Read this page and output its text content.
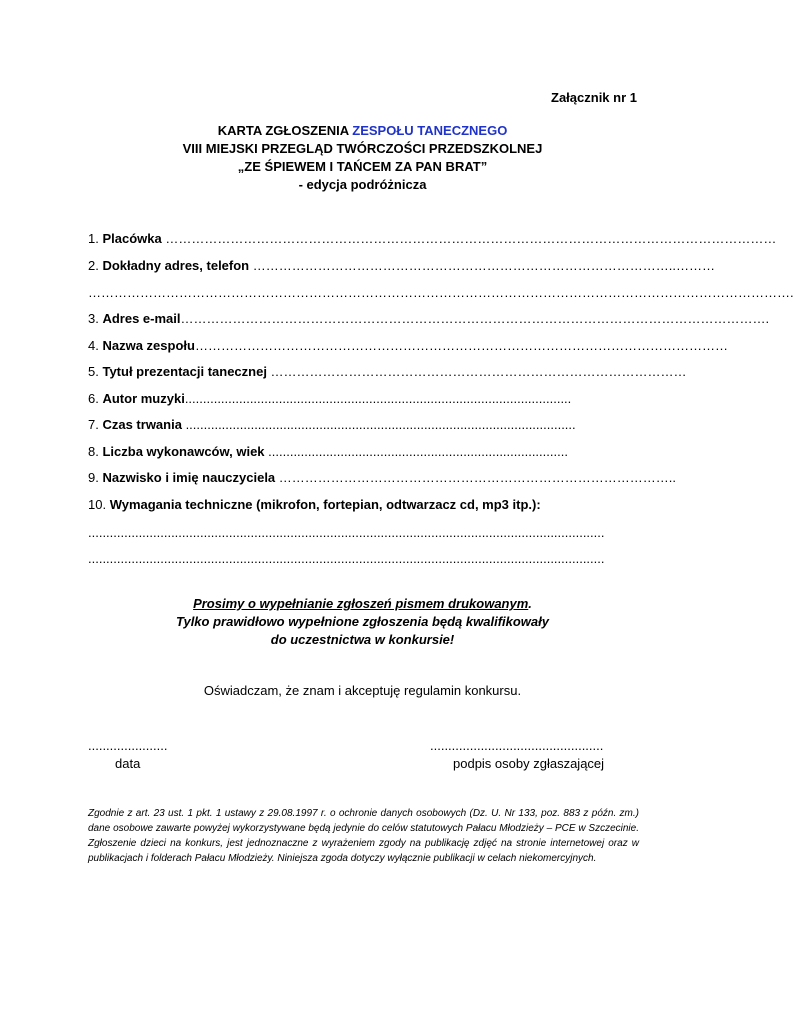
Załącznik nr 1
KARTA ZGŁOSZENIA ZESPOŁU TANECZNEGO
VIII MIEJSKI PRZEGLĄD TWÓRCZOŚCI PRZEDSZKOLNEJ
„ZE ŚPIEWEM I TAŃCEM ZA PAN BRAT”
- edycja podróżnicza
1. Placówka ……………………………………………………………………………………………………………………………
2. Dokładny adres, telefon ……………………………………………………………………………………..………
……………………………………………………………………………………………………………………………………………….
3. Adres e-mail……………………………………………………………………………………………………………………….
4. Nazwa zespołu……………………………………………………………………………………………………………
5. Tytuł prezentacji tanecznej ……………………………………………………………………………………
6. Autor muzyki...........................................................................................................
7. Czas trwania ............................................................................................................
8. Liczba wykonawców, wiek ...................................................................................
9. Nazwisko i imię nauczyciela ………………………………………………………………………………..
10. Wymagania techniczne (mikrofon, fortepian, odtwarzacz cd, mp3 itp.):
...............................................................................................................................................
...............................................................................................................................................
Prosimy o wypełnianie zgłoszeń pismem drukowanym.
Tylko prawidłowo wypełnione zgłoszenia będą kwalifikowały
do uczestnictwa w konkursie!
Oświadczam, że znam i akceptuję regulamin konkursu.
......................
data
................................................
podpis osoby zgłaszającej
Zgodnie z art. 23 ust. 1 pkt. 1 ustawy z 29.08.1997 r. o ochronie danych osobowych (Dz. U. Nr 133, poz. 883 z późn. zm.) dane osobowe zawarte powyżej wykorzystywane będą jedynie do celów statutowych Pałacu Młodzieży – PCE w Szczecinie. Zgłoszenie dzieci na konkurs, jest jednoznaczne z wyrażeniem zgody na publikację zdjęć na stronie internetowej oraz w publikacjach i folderach Pałacu Młodzieży. Niniejsza zgoda dotyczy wyłącznie publikacji w celach niekomercyjnych.
